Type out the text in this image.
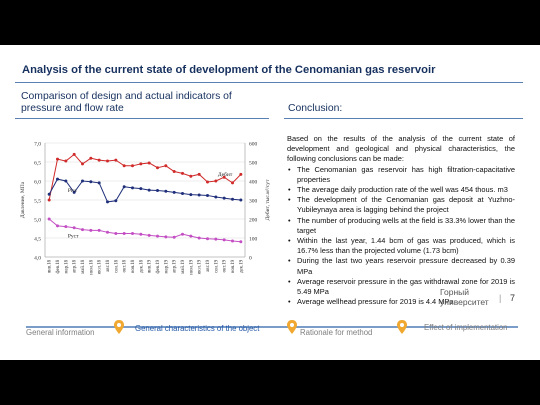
Analysis of the current state of development of the Cenomanian gas reservoir
Comparison of design and actual indicators of
pressure and flow rate	Conclusion:
4,0
4,5
5,0
5,5
6,0
6,5
7,0
0
100
200
300
400
500
600
Давление, МПа	Дебит, тыс.м³/сут
янв.18 фев.18 мар.18 апр.18 май.18 июн.18 июл.18 авг.18 сен.18 окт.18 ноя.18 дек.18 янв.19 фев.19 мар.19 апр.19 май.19 июн.19 июл.19 авг.19 сен.19 окт.19 ноя.19 дек.19
Дебит
Рпл
Руст

Based on the results of the analysis of the current state of development and geological and physical characteristics, the following conclusions can be made:

• The Cenomanian gas reservoir has high filtration-capacitative properties
• The average daily production rate of the well was 454 thous. m3
• The development of the Cenomanian gas deposit at Yuzhno-Yubileynaya area is lagging behind the project
• The number of producing wells at the field is 33.3% lower than the target
• Within the last year, 1.44 bcm of gas was produced, which is 16.7% less than the projected volume (1.73 bcm)
• During the last two years reservoir pressure decreased by 0.39 MPa
• Average reservoir pressure in the gas withdrawal zone for 2019 is 5.49 MPa
• Average wellhead pressure for 2019 is 4.4 MPa
General information	General characteristics of the object	Rationale for method
Effect of implementation
Горный
университет | 7
